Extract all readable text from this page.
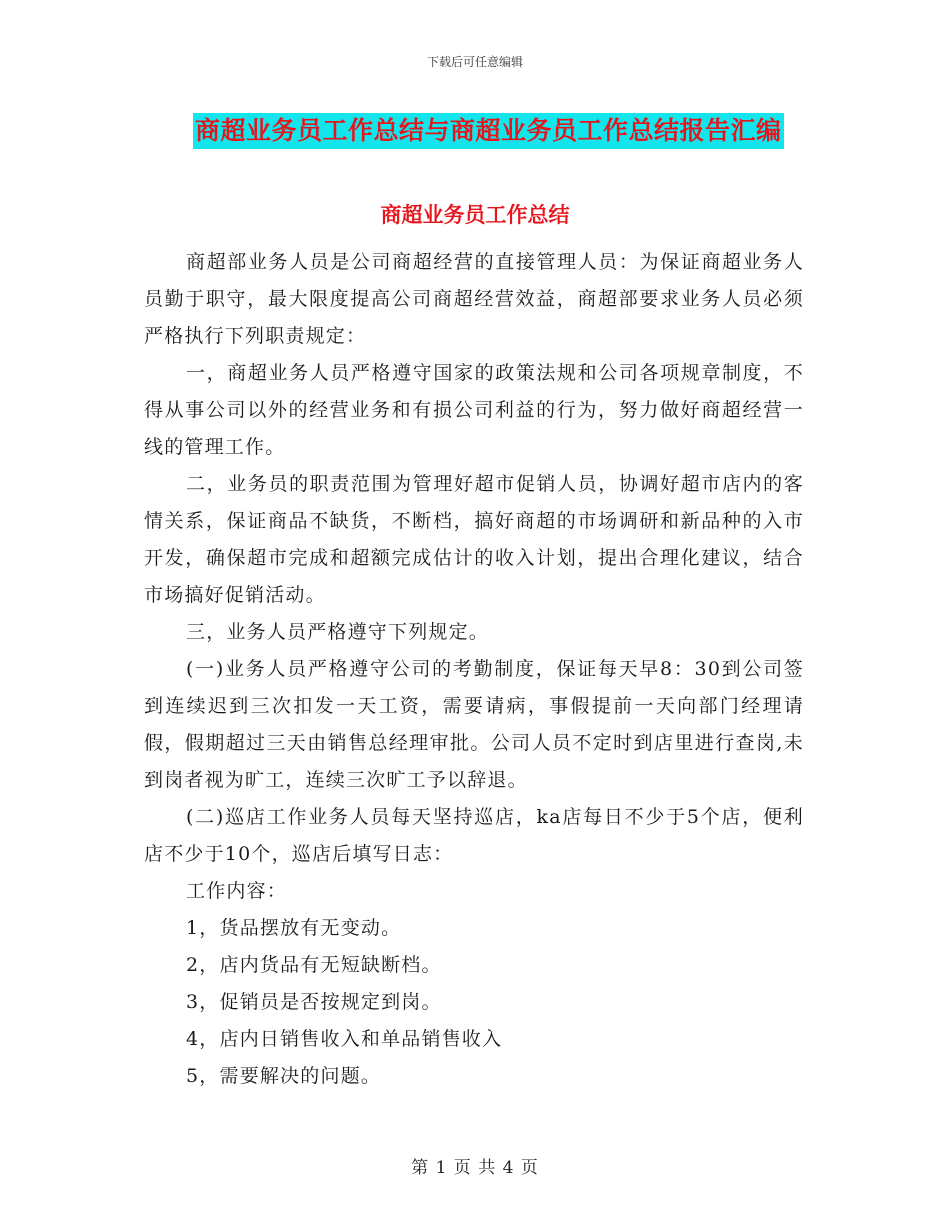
下载后可任意编辑
商超业务员工作总结与商超业务员工作总结报告汇编
商超业务员工作总结

商超部业务人员是公司商超经营的直接管理人员：为保证商超业务人员勤于职守，最大限度提高公司商超经营效益，商超部要求业务人员必须严格执行下列职责规定：

一，商超业务人员严格遵守国家的政策法规和公司各项规章制度，不得从事公司以外的经营业务和有损公司利益的行为，努力做好商超经营一线的管理工作。

二，业务员的职责范围为管理好超市促销人员，协调好超市店内的客情关系，保证商品不缺货，不断档，搞好商超的市场调研和新品种的入市开发，确保超市完成和超额完成估计的收入计划，提出合理化建议，结合市场搞好促销活动。

三，业务人员严格遵守下列规定。

(一)业务人员严格遵守公司的考勤制度，保证每天早8：30到公司签到连续迟到三次扣发一天工资，需要请病，事假提前一天向部门经理请假，假期超过三天由销售总经理审批。公司人员不定时到店里进行查岗,未到岗者视为旷工，连续三次旷工予以辞退。

(二)巡店工作业务人员每天坚持巡店，ka店每日不少于5个店，便利店不少于10个，巡店后填写日志：

工作内容：

1，货品摆放有无变动。

2，店内货品有无短缺断档。

3，促销员是否按规定到岗。

4，店内日销售收入和单品销售收入

5，需要解决的问题。

第 1 页 共 4 页
